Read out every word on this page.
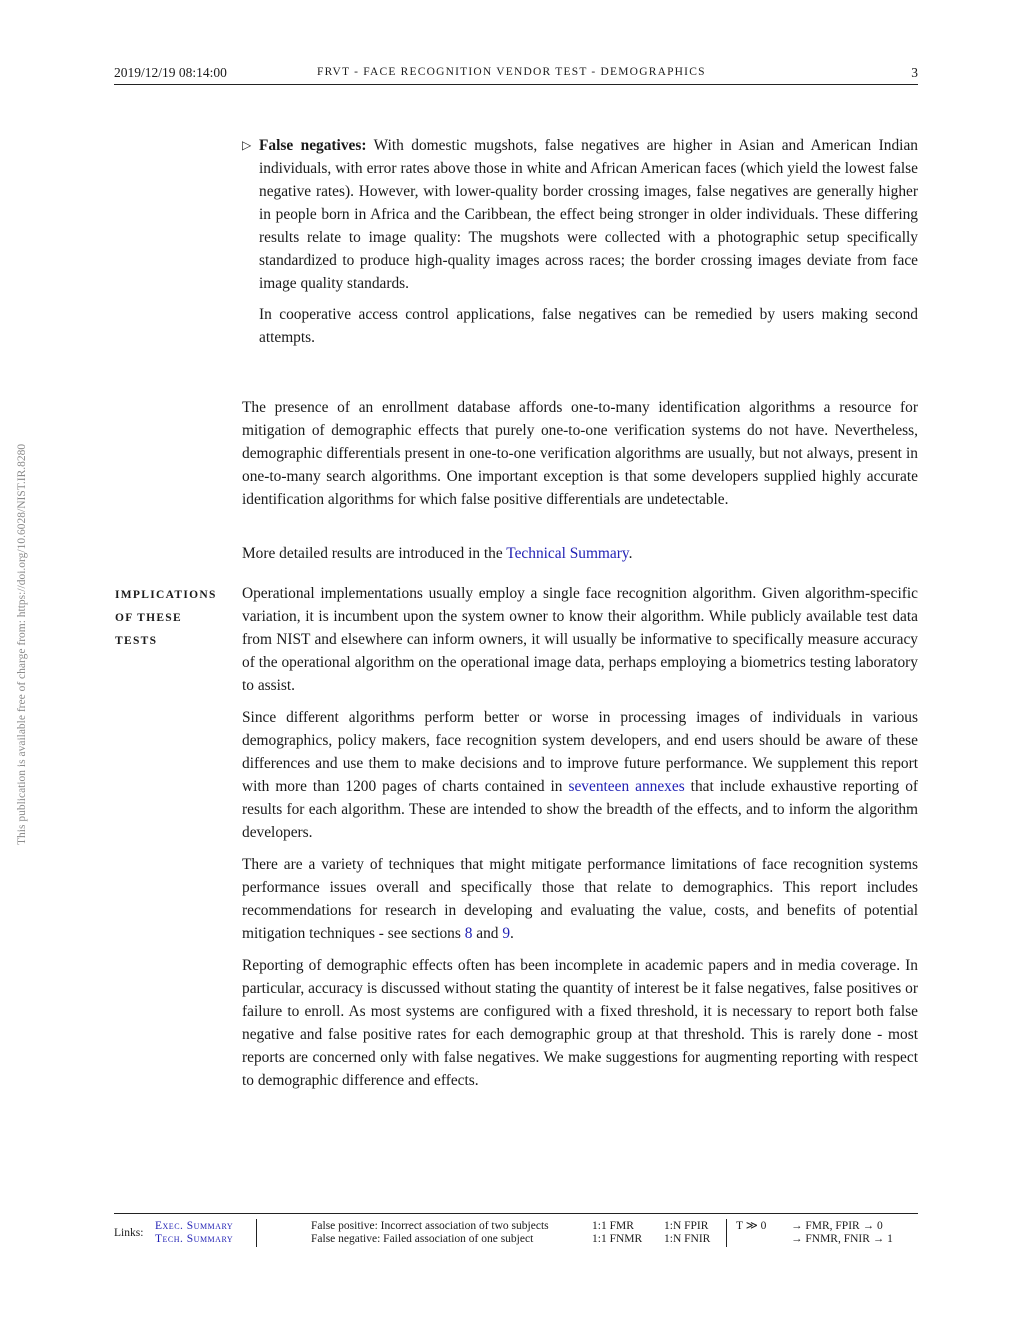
2019/12/19 08:14:00	FRVT - FACE RECOGNITION VENDOR TEST - DEMOGRAPHICS	3
This publication is available free of charge from: https://doi.org/10.6028/NIST.IR.8280
▷ False negatives: With domestic mugshots, false negatives are higher in Asian and American Indian individuals, with error rates above those in white and African American faces (which yield the lowest false negative rates). However, with lower-quality border crossing images, false negatives are generally higher in people born in Africa and the Caribbean, the effect being stronger in older individuals. These differing results relate to image quality: The mugshots were collected with a photographic setup specifically standardized to produce high-quality images across races; the border crossing images deviate from face image quality standards.

In cooperative access control applications, false negatives can be remedied by users making second attempts.

The presence of an enrollment database affords one-to-many identification algorithms a resource for mitigation of demographic effects that purely one-to-one verification systems do not have. Nevertheless, demographic differentials present in one-to-one verification algorithms are usually, but not always, present in one-to-many search algorithms. One important exception is that some developers supplied highly accurate identification algorithms for which false positive differentials are undetectable.

More detailed results are introduced in the Technical Summary.

IMPLICATIONS
OF THESE
TESTS

Operational implementations usually employ a single face recognition algorithm. Given algorithm-specific variation, it is incumbent upon the system owner to know their algorithm. While publicly available test data from NIST and elsewhere can inform owners, it will usually be informative to specifically measure accuracy of the operational algorithm on the operational image data, perhaps employing a biometrics testing laboratory to assist.

Since different algorithms perform better or worse in processing images of individuals in various demographics, policy makers, face recognition system developers, and end users should be aware of these differences and use them to make decisions and to improve future performance. We supplement this report with more than 1200 pages of charts contained in seventeen annexes that include exhaustive reporting of results for each algorithm. These are intended to show the breadth of the effects, and to inform the algorithm developers.

There are a variety of techniques that might mitigate performance limitations of face recognition systems performance issues overall and specifically those that relate to demographics. This report includes recommendations for research in developing and evaluating the value, costs, and benefits of potential mitigation techniques - see sections 8 and 9.

Reporting of demographic effects often has been incomplete in academic papers and in media coverage. In particular, accuracy is discussed without stating the quantity of interest be it false negatives, false positives or failure to enroll. As most systems are configured with a fixed threshold, it is necessary to report both false negative and false positive rates for each demographic group at that threshold. This is rarely done - most reports are concerned only with false negatives. We make suggestions for augmenting reporting with respect to demographic difference and effects.

Links:
Exec. Summary
Tech. Summary
False positive: Incorrect association of two subjects
False negative: Failed association of one subject
1:1 FMR
1:1 FNMR
1:N FPIR
1:N FNIR
T ≫ 0 → FMR, FPIR → 0
→ FNMR, FNIR → 1
